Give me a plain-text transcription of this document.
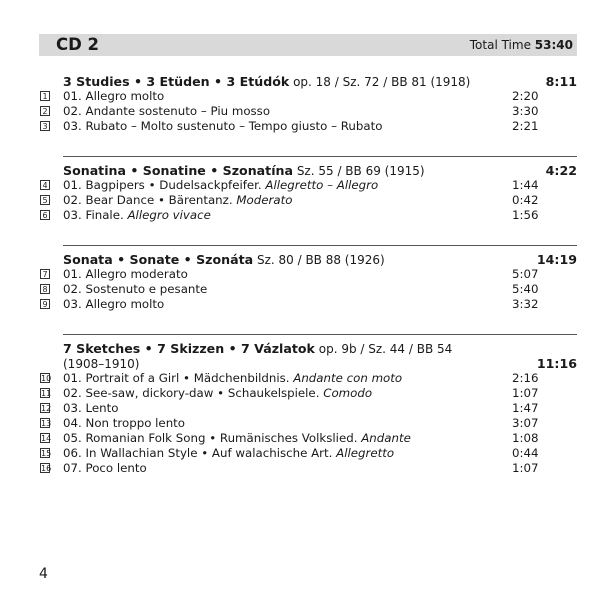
CD 2	Total Time 53:40
3 Studies • 3 Etüden • 3 Etúdók op. 18 / Sz. 72 / BB 81 (1918)	8:11
1 01. Allegro molto	2:20
2 02. Andante sostenuto – Piu mosso	3:30
3 03. Rubato – Molto sustenuto – Tempo giusto – Rubato	2:21
Sonatina • Sonatine • Szonatína Sz. 55 / BB 69 (1915)	4:22
4 01. Bagpipers • Dudelsackpfeifer. Allegretto – Allegro	1:44
5 02. Bear Dance • Bärentanz. Moderato	0:42
6 03. Finale. Allegro vivace	1:56
Sonata • Sonate • Szonáta Sz. 80 / BB 88 (1926)	14:19
7 01. Allegro moderato	5:07
8 02. Sostenuto e pesante	5:40
9 03. Allegro molto	3:32
7 Sketches • 7 Skizzen • 7 Vázlatok op. 9b / Sz. 44 / BB 54
(1908–1910)	11:16
10 01. Portrait of a Girl • Mädchenbildnis. Andante con moto	2:16
11 02. See-saw, dickory-daw • Schaukelspiele. Comodo	1:07
12 03. Lento	1:47
13 04. Non troppo lento	3:07
14 05. Romanian Folk Song • Rumänisches Volkslied. Andante	1:08
15 06. In Wallachian Style • Auf walachische Art. Allegretto	0:44
16 07. Poco lento	1:07
4
